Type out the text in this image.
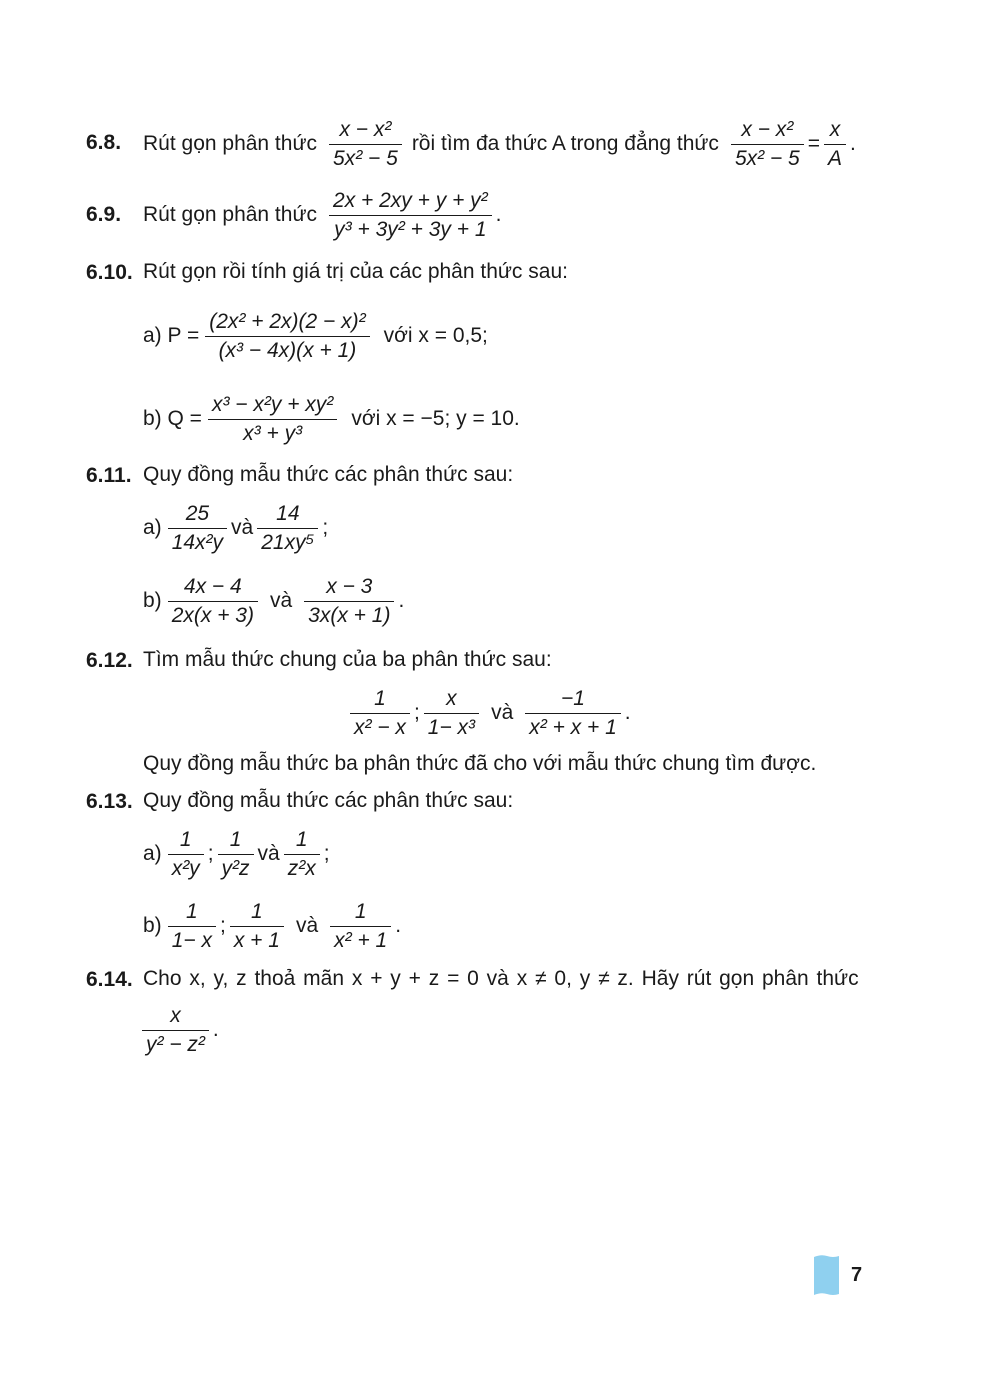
6.8. Rút gọn phân thức
x − x²
5x² − 5
rồi tìm đa thức A trong đẳng thức
x − x²
5x² − 5
=
x
A
.
6.9. Rút gọn phân thức
2x + 2xy + y + y²
y³ + 3y² + 3y + 1
.
6.10. Rút gọn rồi tính giá trị của các phân thức sau:
a) P =
(2x² + 2x)(2 − x)²
(x³ − 4x)(x + 1)
với x = 0,5;
b) Q =
x³ − x²y + xy²
x³ + y³
với x = −5; y = 10.
6.11. Quy đồng mẫu thức các phân thức sau:
a)
25
14x²y
và
14
21xy⁵
;
b)
4x − 4
2x(x + 3)
và
x − 3
3x(x + 1)
.
6.12. Tìm mẫu thức chung của ba phân thức sau:
1
x² − x
;
x
1− x³
và
−1
x² + x + 1
.
Quy đồng mẫu thức ba phân thức đã cho với mẫu thức chung tìm được.
6.13. Quy đồng mẫu thức các phân thức sau:
a)
1
x²y
;
1
y²z
và
1
z²x
;
b)
1
1− x
;
1
x + 1
và
1
x² + 1
.
6.14. Cho x, y, z thoả mãn x + y + z = 0 và x ≠ 0, y ≠ z. Hãy rút gọn phân thức
x
y² − z²
.
7
